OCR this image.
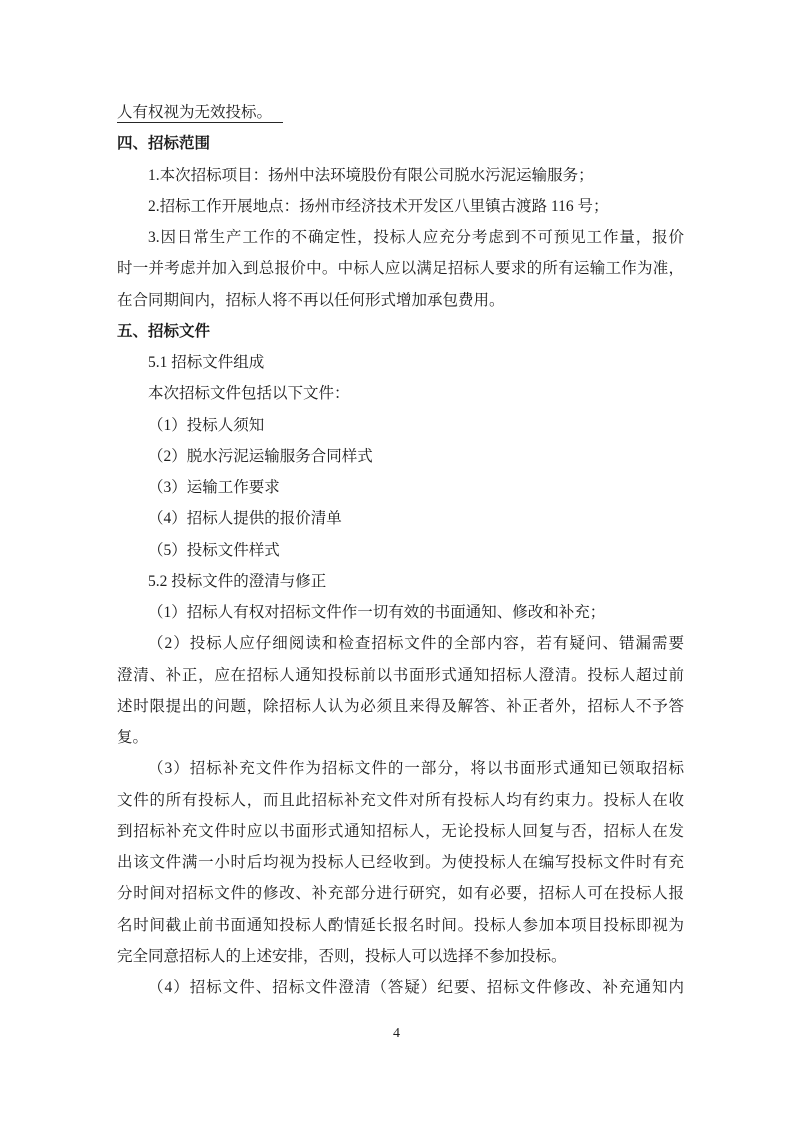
人有权视为无效投标。

四、招标范围

1.本次招标项目：扬州中法环境股份有限公司脱水污泥运输服务；

2.招标工作开展地点：扬州市经济技术开发区八里镇古渡路 116 号；

3.因日常生产工作的不确定性，投标人应充分考虑到不可预见工作量，报价

时一并考虑并加入到总报价中。中标人应以满足招标人要求的所有运输工作为准，

在合同期间内，招标人将不再以任何形式增加承包费用。

五、招标文件

5.1 招标文件组成

本次招标文件包括以下文件：

（1）投标人须知

（2）脱水污泥运输服务合同样式

（3）运输工作要求

（4）招标人提供的报价清单

（5）投标文件样式

5.2 投标文件的澄清与修正

（1）招标人有权对招标文件作一切有效的书面通知、修改和补充；

（2）投标人应仔细阅读和检查招标文件的全部内容，若有疑问、错漏需要

澄清、补正，应在招标人通知投标前以书面形式通知招标人澄清。投标人超过前

述时限提出的问题，除招标人认为必须且来得及解答、补正者外，招标人不予答

复。

（3）招标补充文件作为招标文件的一部分，将以书面形式通知已领取招标

文件的所有投标人，而且此招标补充文件对所有投标人均有约束力。投标人在收

到招标补充文件时应以书面形式通知招标人，无论投标人回复与否，招标人在发

出该文件满一小时后均视为投标人已经收到。为使投标人在编写投标文件时有充

分时间对招标文件的修改、补充部分进行研究，如有必要，招标人可在投标人报

名时间截止前书面通知投标人酌情延长报名时间。投标人参加本项目投标即视为

完全同意招标人的上述安排，否则，投标人可以选择不参加投标。

（4）招标文件、招标文件澄清（答疑）纪要、招标文件修改、补充通知内

4
